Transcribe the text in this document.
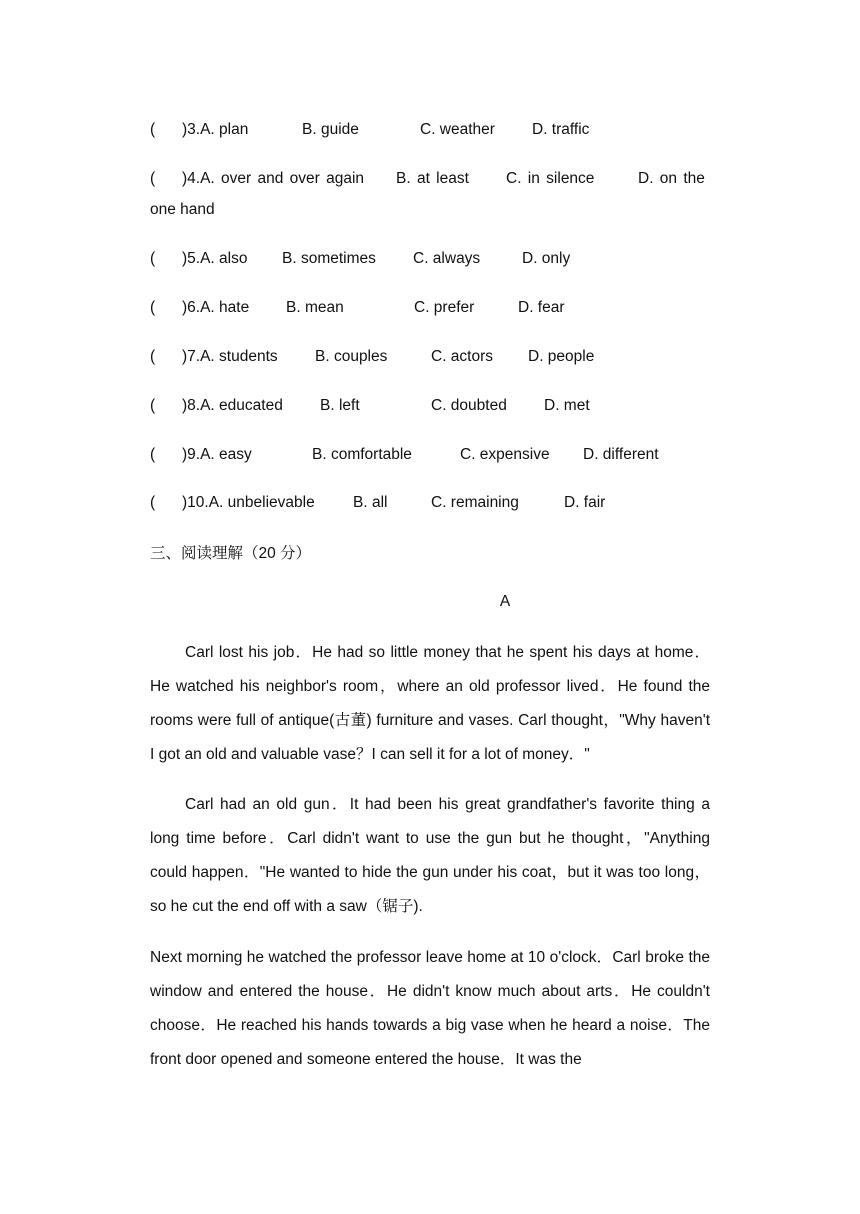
( )3.A. plan	B. guide	C. weather D. traffic
( )4.A. over and over again B. at least C. in silence	D. on the
one hand
( )5.A. also B. sometimes C. always	D. only
( )6.A. hate B. mean	C. prefer	D. fear
( )7.A. students B. couples	C. actors D. people
( )8.A. educated B. left	C. doubted D. met
( )9.A. easy	B. comfortable	C. expensive D. different
( )10.A. unbelievable B. all	C. remaining	D. fair
三、阅读理解（20 分）
A

Carl lost his job．He had so little money that he spent his days at home．He watched his neighbor's room，where an old professor lived．He found the rooms were full of antique(古董) furniture and vases. Carl thought，"Why haven't I got an old and valuable vase？I can sell it for a lot of money．"

Carl had an old gun．It had been his great grandfather's favorite thing a long time before．Carl didn't want to use the gun but he thought，"Anything could happen．"He wanted to hide the gun under his coat，but it was too long，so he cut the end off with a saw（锯子).

Next morning he watched the professor leave home at 10 o'clock．Carl broke the window and entered the house．He didn't know much about arts．He couldn't choose．He reached his hands towards a big vase when he heard a noise．The front door opened and someone entered the house．It was the
